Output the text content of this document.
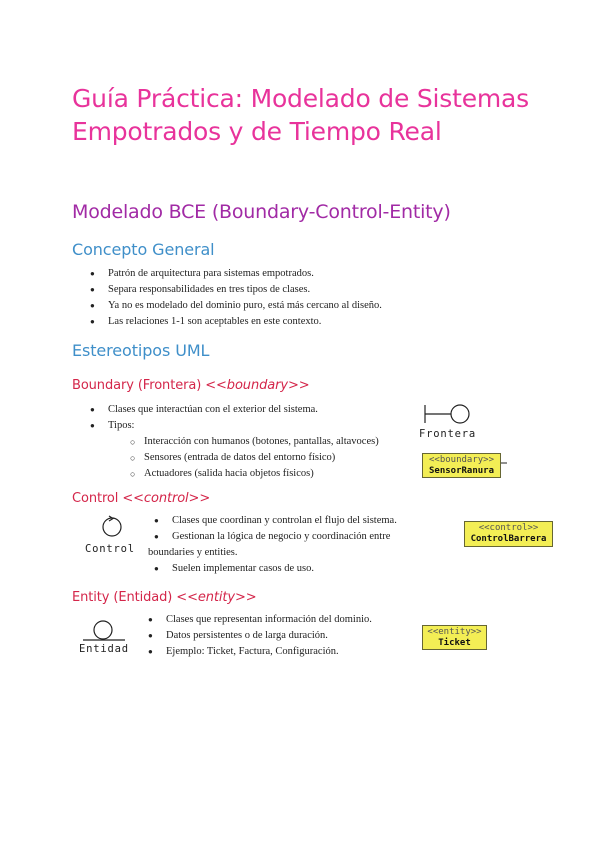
Guía Práctica: Modelado de Sistemas Empotrados y de Tiempo Real
Modelado BCE (Boundary-Control-Entity)
Concepto General
● Patrón de arquitectura para sistemas empotrados.
● Separa responsabilidades en tres tipos de clases.
● Ya no es modelado del dominio puro, está más cercano al diseño.
● Las relaciones 1-1 son aceptables en este contexto.
Estereotipos UML
Boundary (Frontera) <<boundary>>
● Clases que interactúan con el exterior del sistema.
● Tipos:
○ Interacción con humanos (botones, pantallas, altavoces)
○ Sensores (entrada de datos del entorno físico)
○ Actuadores (salida hacia objetos físicos)
Frontera
<<boundary>>
SensorRanura
Control <<control>>
Control
● Clases que coordinan y controlan el flujo del sistema.
● Gestionan la lógica de negocio y coordinación entre
boundaries y entities.
● Suelen implementar casos de uso.
<<control>>
ControlBarrera
Entity (Entidad) <<entity>>
Entidad
● Clases que representan información del dominio.
● Datos persistentes o de larga duración.
● Ejemplo: Ticket, Factura, Configuración.
<<entity>>
Ticket
